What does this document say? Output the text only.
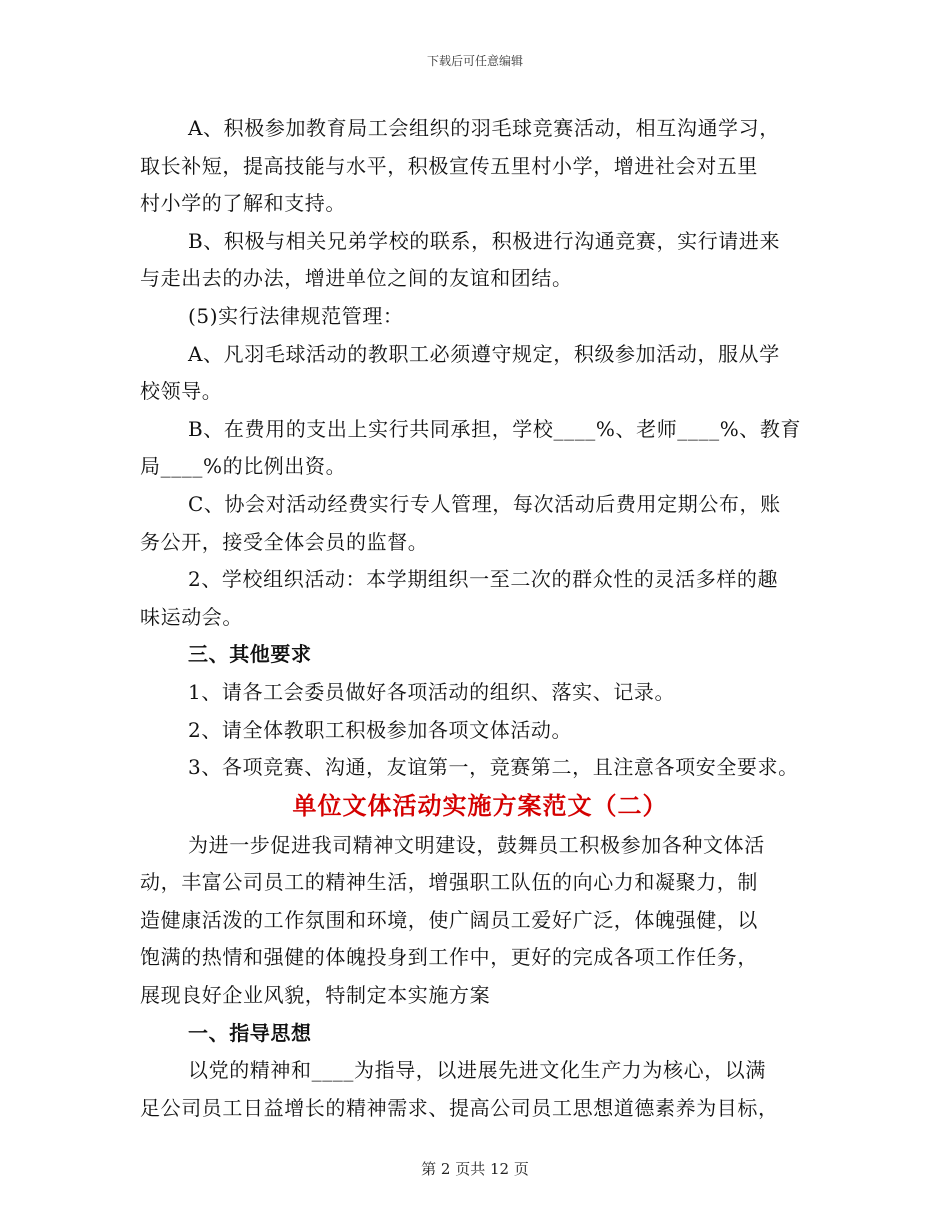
下载后可任意编辑
A、积极参加教育局工会组织的羽毛球竞赛活动，相互沟通学习，
取长补短，提高技能与水平，积极宣传五里村小学，增进社会对五里
村小学的了解和支持。
B、积极与相关兄弟学校的联系，积极进行沟通竞赛，实行请进来
与走出去的办法，增进单位之间的友谊和团结。
(5)实行法律规范管理：
A、凡羽毛球活动的教职工必须遵守规定，积级参加活动，服从学
校领导。
B、在费用的支出上实行共同承担，学校____%、老师____%、教育
局____%的比例出资。
C、协会对活动经费实行专人管理，每次活动后费用定期公布，账
务公开，接受全体会员的监督。
2、学校组织活动：本学期组织一至二次的群众性的灵活多样的趣
味运动会。
三、其他要求
1、请各工会委员做好各项活动的组织、落实、记录。
2、请全体教职工积极参加各项文体活动。
3、各项竞赛、沟通，友谊第一，竞赛第二，且注意各项安全要求。
单位文体活动实施方案范文（二）
为进一步促进我司精神文明建设，鼓舞员工积极参加各种文体活
动，丰富公司员工的精神生活，增强职工队伍的向心力和凝聚力，制
造健康活泼的工作氛围和环境，使广阔员工爱好广泛，体魄强健，以
饱满的热情和强健的体魄投身到工作中，更好的完成各项工作任务，
展现良好企业风貌，特制定本实施方案
一、指导思想
以党的精神和____为指导，以进展先进文化生产力为核心，以满
足公司员工日益增长的精神需求、提高公司员工思想道德素养为目标，
第 2 页共 12 页
